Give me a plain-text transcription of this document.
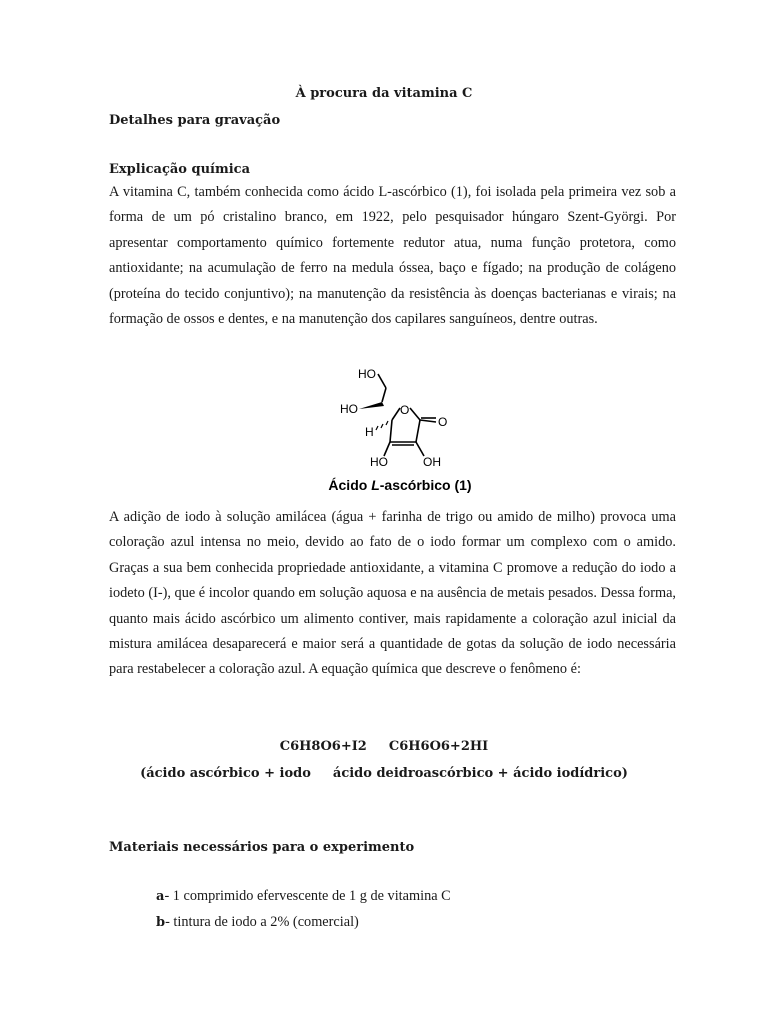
À procura da vitamina C
Detalhes para gravação
Explicação química
A vitamina C, também conhecida como ácido L-ascórbico (1), foi isolada pela primeira vez sob a forma de um pó cristalino branco, em 1922, pelo pesquisador húngaro Szent-Györgi. Por apresentar comportamento químico fortemente redutor atua, numa função protetora, como antioxidante; na acumulação de ferro na medula óssea, baço e fígado; na produção de colágeno (proteína do tecido conjuntivo); na manutenção da resistência às doenças bacterianas e virais; na formação de ossos e dentes, e na manutenção dos capilares sanguíneos, dentre outras.
HO
HO
H
O
O
HO	OH
Ácido L-ascórbico (1)
A adição de iodo à solução amilácea (água + farinha de trigo ou amido de milho) provoca uma coloração azul intensa no meio, devido ao fato de o iodo formar um complexo com o amido. Graças a sua bem conhecida propriedade antioxidante, a vitamina C promove a redução do iodo a iodeto (I-), que é incolor quando em solução aquosa e na ausência de metais pesados. Dessa forma, quanto mais ácido ascórbico um alimento contiver, mais rapidamente a coloração azul inicial da mistura amilácea desaparecerá e maior será a quantidade de gotas da solução de iodo necessária para restabelecer a coloração azul. A equação química que descreve o fenômeno é:
C6H8O6+I2 C6H6O6+2HI
(ácido ascórbico + iodo ácido deidroascórbico + ácido iodídrico)
Materiais necessários para o experimento
a- 1 comprimido efervescente de 1 g de vitamina C
b- tintura de iodo a 2% (comercial)
